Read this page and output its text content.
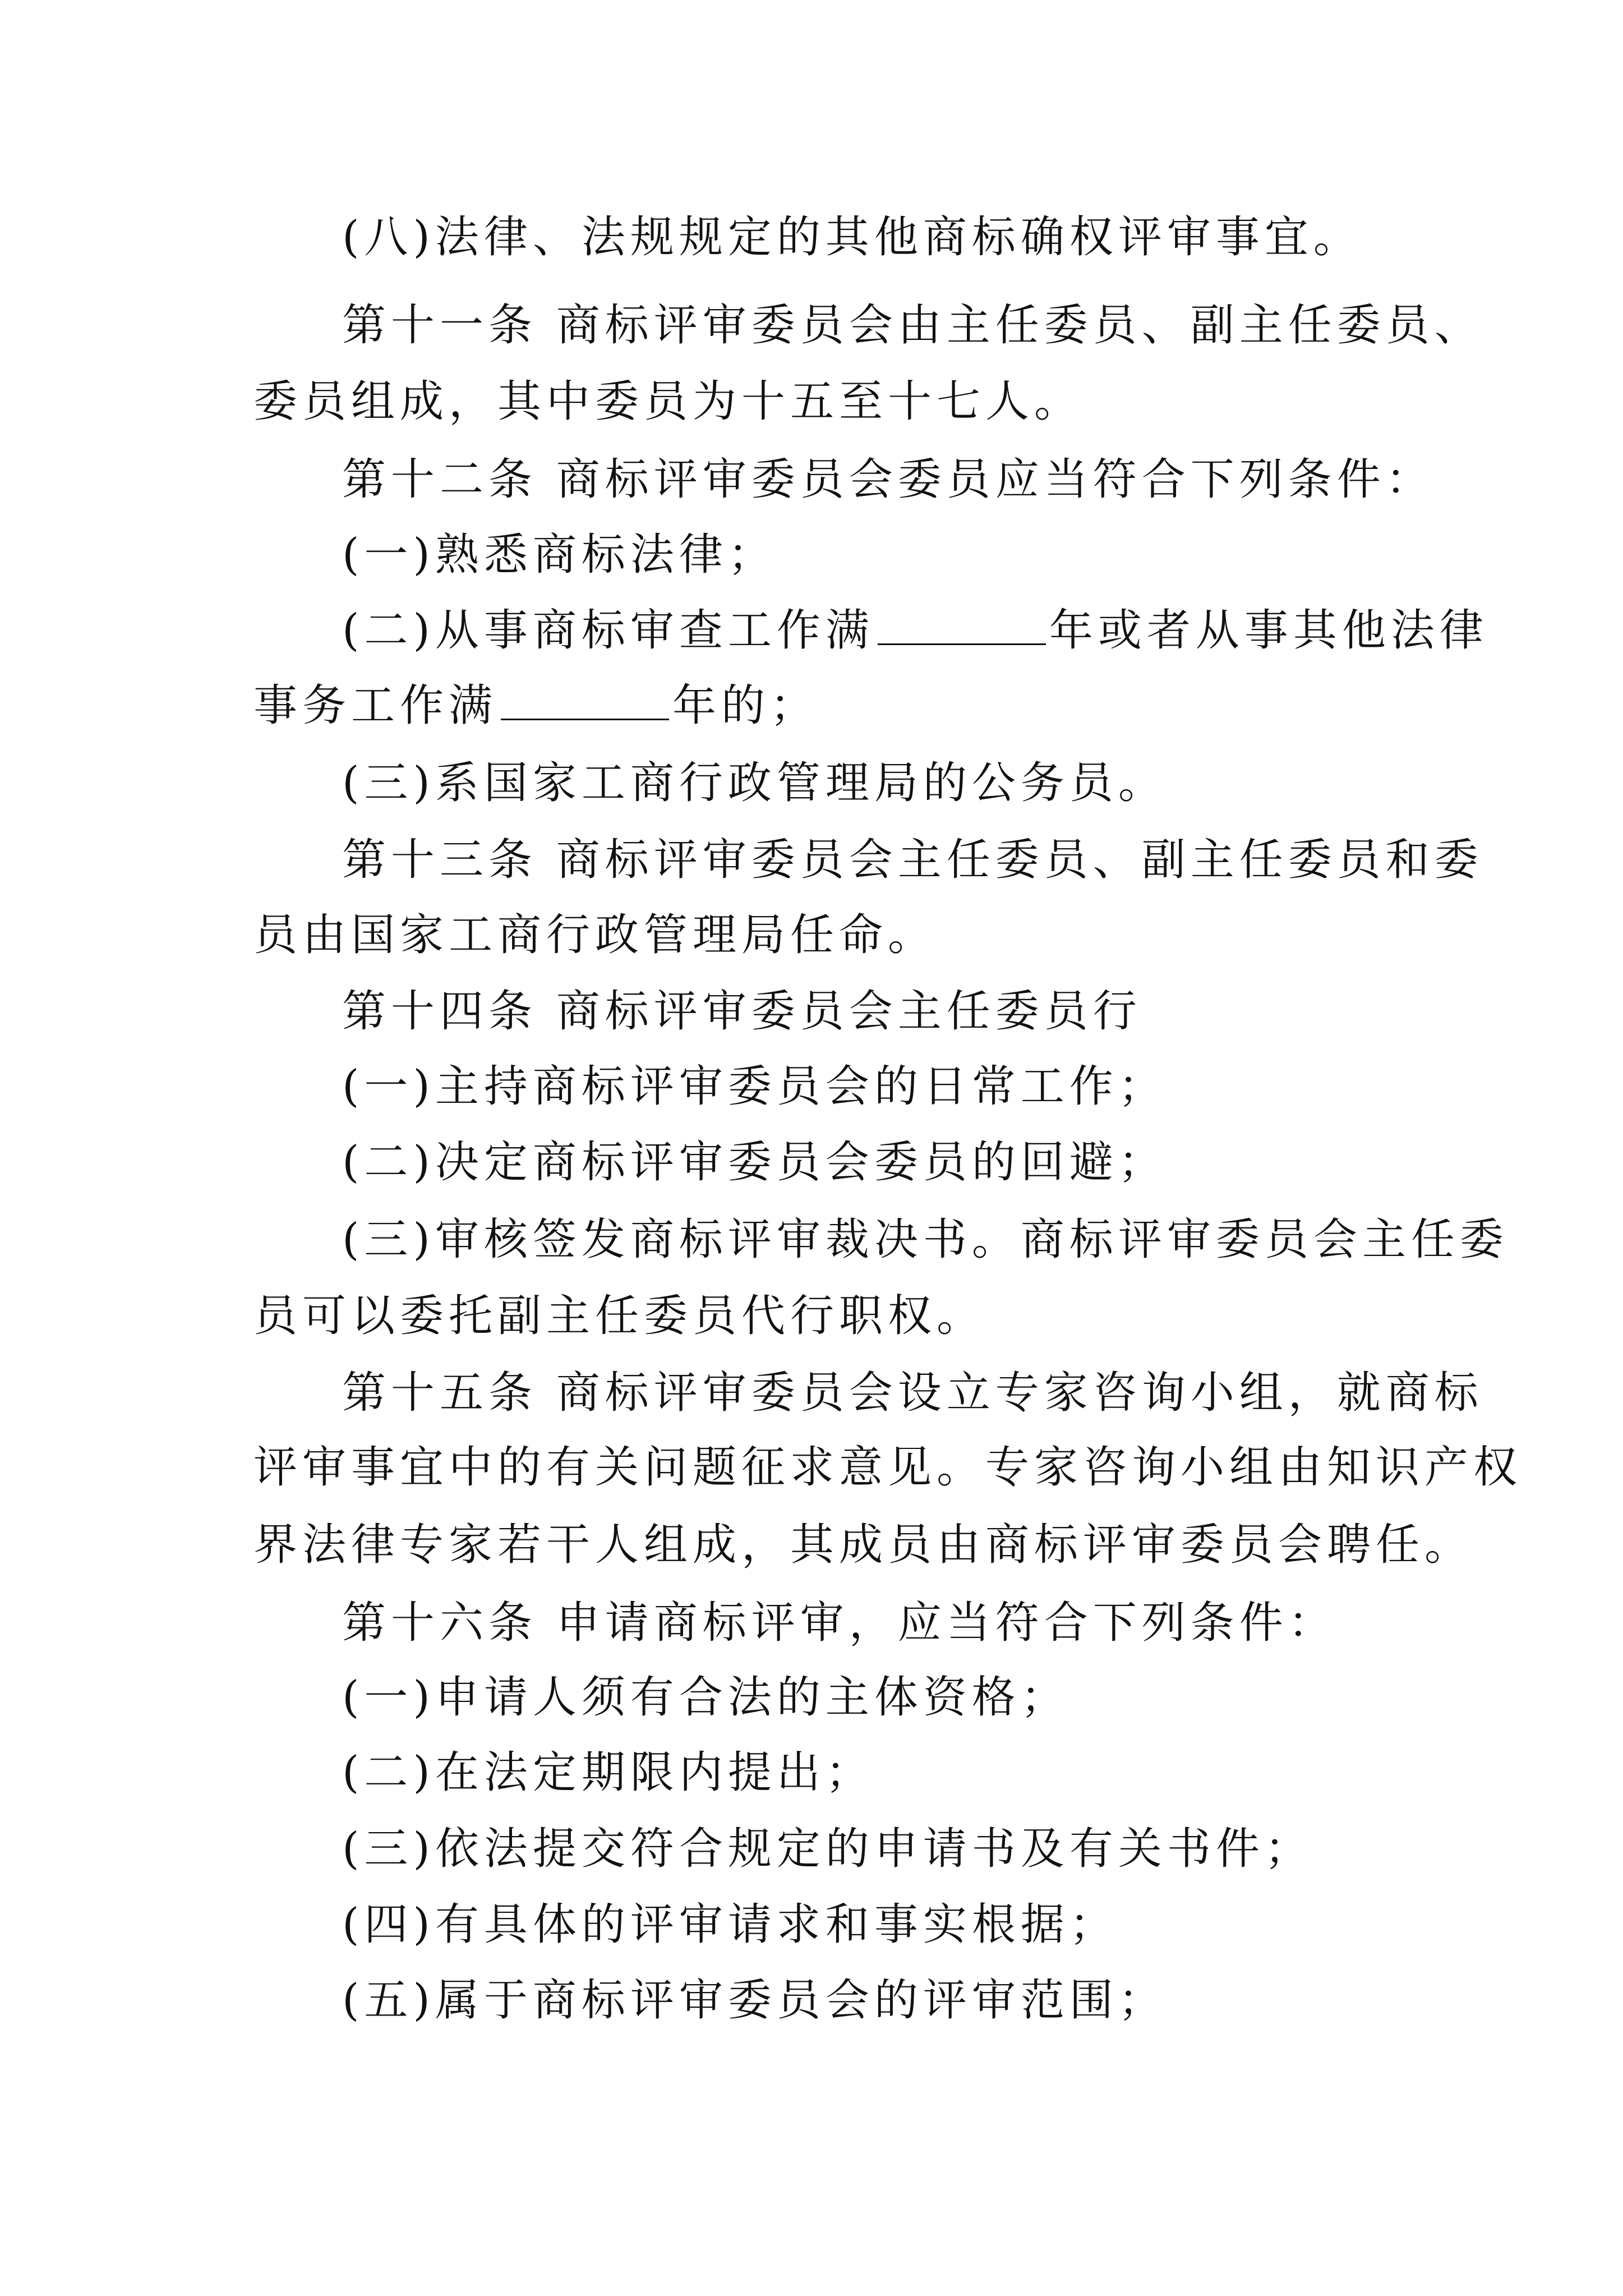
(八)法律、法规规定的其他商标确权评审事宜。
第十一条 商标评审委员会由主任委员、副主任委员、
委员组成，其中委员为十五至十七人。
第十二条 商标评审委员会委员应当符合下列条件：
(一)熟悉商标法律；
(二)从事商标审查工作满	年或者从事其他法律
事务工作满	年的；
(三)系国家工商行政管理局的公务员。
第十三条 商标评审委员会主任委员、副主任委员和委
员由国家工商行政管理局任命。
第十四条 商标评审委员会主任委员行
(一)主持商标评审委员会的日常工作；
(二)决定商标评审委员会委员的回避；
(三)审核签发商标评审裁决书。商标评审委员会主任委
员可以委托副主任委员代行职权。
第十五条 商标评审委员会设立专家咨询小组，就商标
评审事宜中的有关问题征求意见。专家咨询小组由知识产权
界法律专家若干人组成，其成员由商标评审委员会聘任。
第十六条 申请商标评审，应当符合下列条件：
(一)申请人须有合法的主体资格；
(二)在法定期限内提出；
(三)依法提交符合规定的申请书及有关书件；
(四)有具体的评审请求和事实根据；
(五)属于商标评审委员会的评审范围；
